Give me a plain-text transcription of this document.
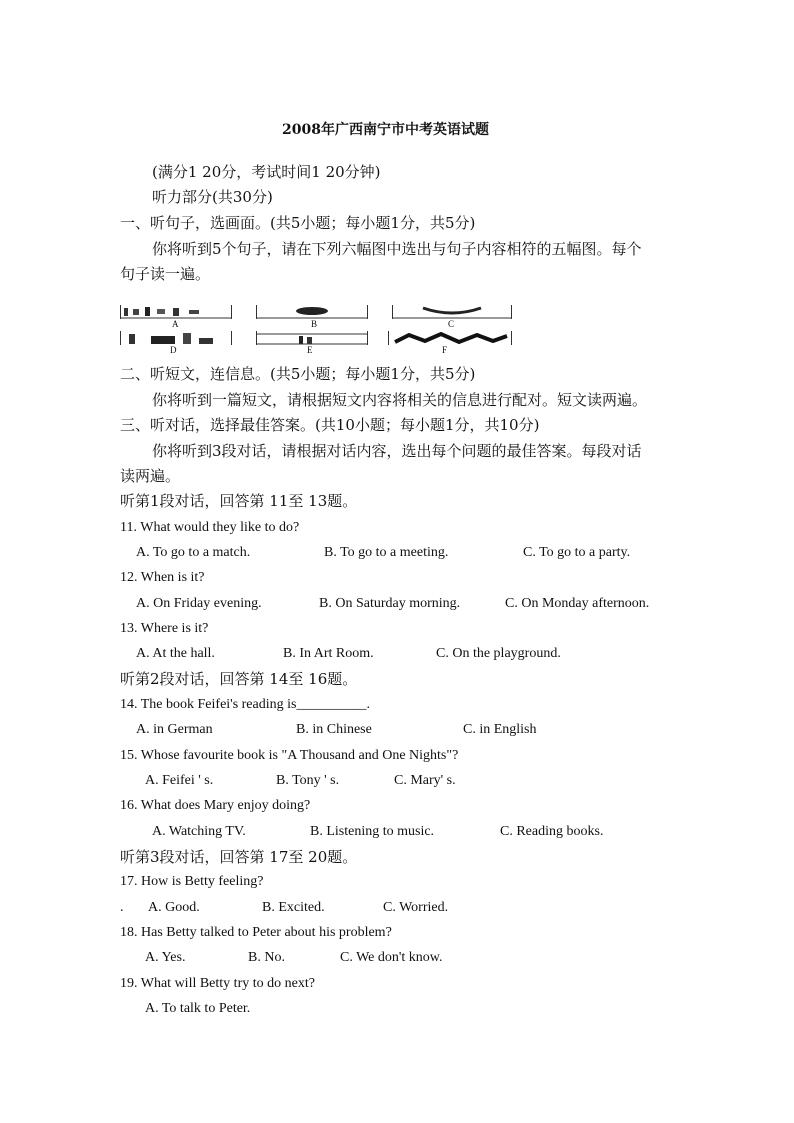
2008年广西南宁市中考英语试题
(满分1 20分，考试时间1 20分钟)
听力部分(共30分)
一、听句子，选画面。(共5小题；每小题1分，共5分)
你将听到5个句子，请在下列六幅图中选出与句子内容相符的五幅图。每个
句子读一遍。
A	B	C
D	E	F
二、听短文，连信息。(共5小题；每小题1分，共5分)
你将听到一篇短文，请根据短文内容将相关的信息进行配对。短文读两遍。
三、听对话，选择最佳答案。(共10小题；每小题1分，共10分)
你将听到3段对话，请根据对话内容，选出每个问题的最佳答案。每段对话
读两遍。
听第1段对话，回答第 11至 13题。
11. What would they like to do?
A. To go to a match.	B. To go to a meeting.	C. To go to a party.
12. When is it?
A. On Friday evening.	B. On Saturday morning.	C. On Monday afternoon.
13. Where is it?
A. At the hall.	B. In Art Room.	C. On the playground.
听第2段对话，回答第 14至 16题。
14. The book Feifei's reading is__________.
A. in German	B. in Chinese	C. in English
15. Whose favourite book is "A Thousand and One Nights"?
A. Feifei ' s.	B. Tony ' s.	C. Mary' s.
16. What does Mary enjoy doing?
A. Watching TV.	B. Listening to music.	C. Reading books.
听第3段对话，回答第 17至 20题。
17. How is Betty feeling?
. A. Good.	B. Excited.	C. Worried.
18. Has Betty talked to Peter about his problem?
A. Yes.	B. No.	C. We don't know.
19. What will Betty try to do next?
A. To talk to Peter.
